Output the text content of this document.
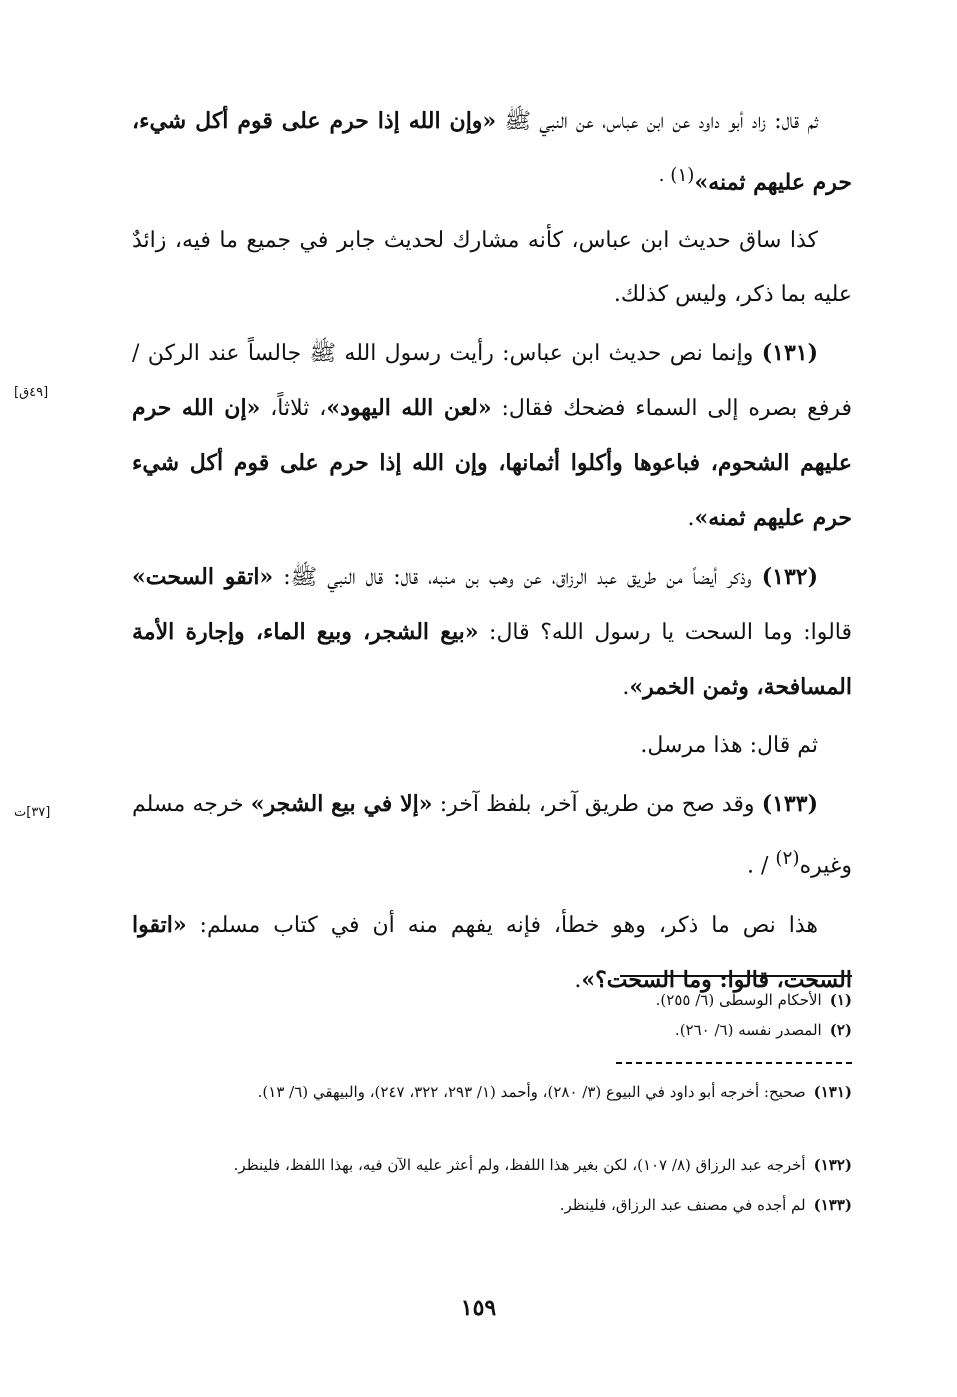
ثم قال: زاد أبو داود عن ابن عباس، عن النبي ﷺ «وإن الله إذا حرم على قوم أكل شيء، حرم عليهم ثمنه»$^{(١) .}$

كذا ساق حديث ابن عباس، كأنه مشارك لحديث جابر في جميع ما فيه، زائدٌ عليه بما ذكر، وليس كذلك.

(١٣١) وإنما نص حديث ابن عباس: رأيت رسول الله ﷺ جالساً عند الركن / فرفع بصره إلى السماء فضحك فقال: «لعن الله اليهود»، ثلاثاً، «إن الله حرم عليهم الشحوم، فباعوها وأكلوا أثمانها، وإن الله إذا حرم على قوم أكل شيء حرم عليهم ثمنه».

(١٣٢) وذكر أيضاً من طريق عبد الرزاق، عن وهب بن منبه، قال: قال النبي ﷺ: «اتقو السحت» قالوا: وما السحت يا رسول الله؟ قال: «بيع الشجر، وبيع الماء، وإجارة الأمة المسافحة، وثمن الخمر».

ثم قال: هذا مرسل.

(١٣٣) وقد صح من طريق آخر، بلفظ آخر: «إلا في بيع الشجر» خرجه مسلم وغيره$^{(٢)}$ / .

هذا نص ما ذكر، وهو خطأ، فإنه يفهم منه أن في كتاب مسلم: «اتقوا السحت، قالوا: وما السحت؟».

[٤٩ق]
[٣٧]ت
(١)الأحكام الوسطى (٦/ ٢٥٥).
(٢)المصدر نفسه (٦/ ٢٦٠).
(١٣١)صحيح: أخرجه أبو داود في البيوع (٣/ ٢٨٠)، وأحمد (١/ ٢٩٣، ٣٢٢، ٢٤٧)، والبيهقي (٦/ ١٣).
(١٣٢)أخرجه عبد الرزاق (٨/ ١٠٧)، لكن بغير هذا اللفظ، ولم أعثر عليه الآن فيه، بهذا اللفظ، فلينظر.
(١٣٣)لم أجده في مصنف عبد الرزاق، فلينظر.
١٥٩
